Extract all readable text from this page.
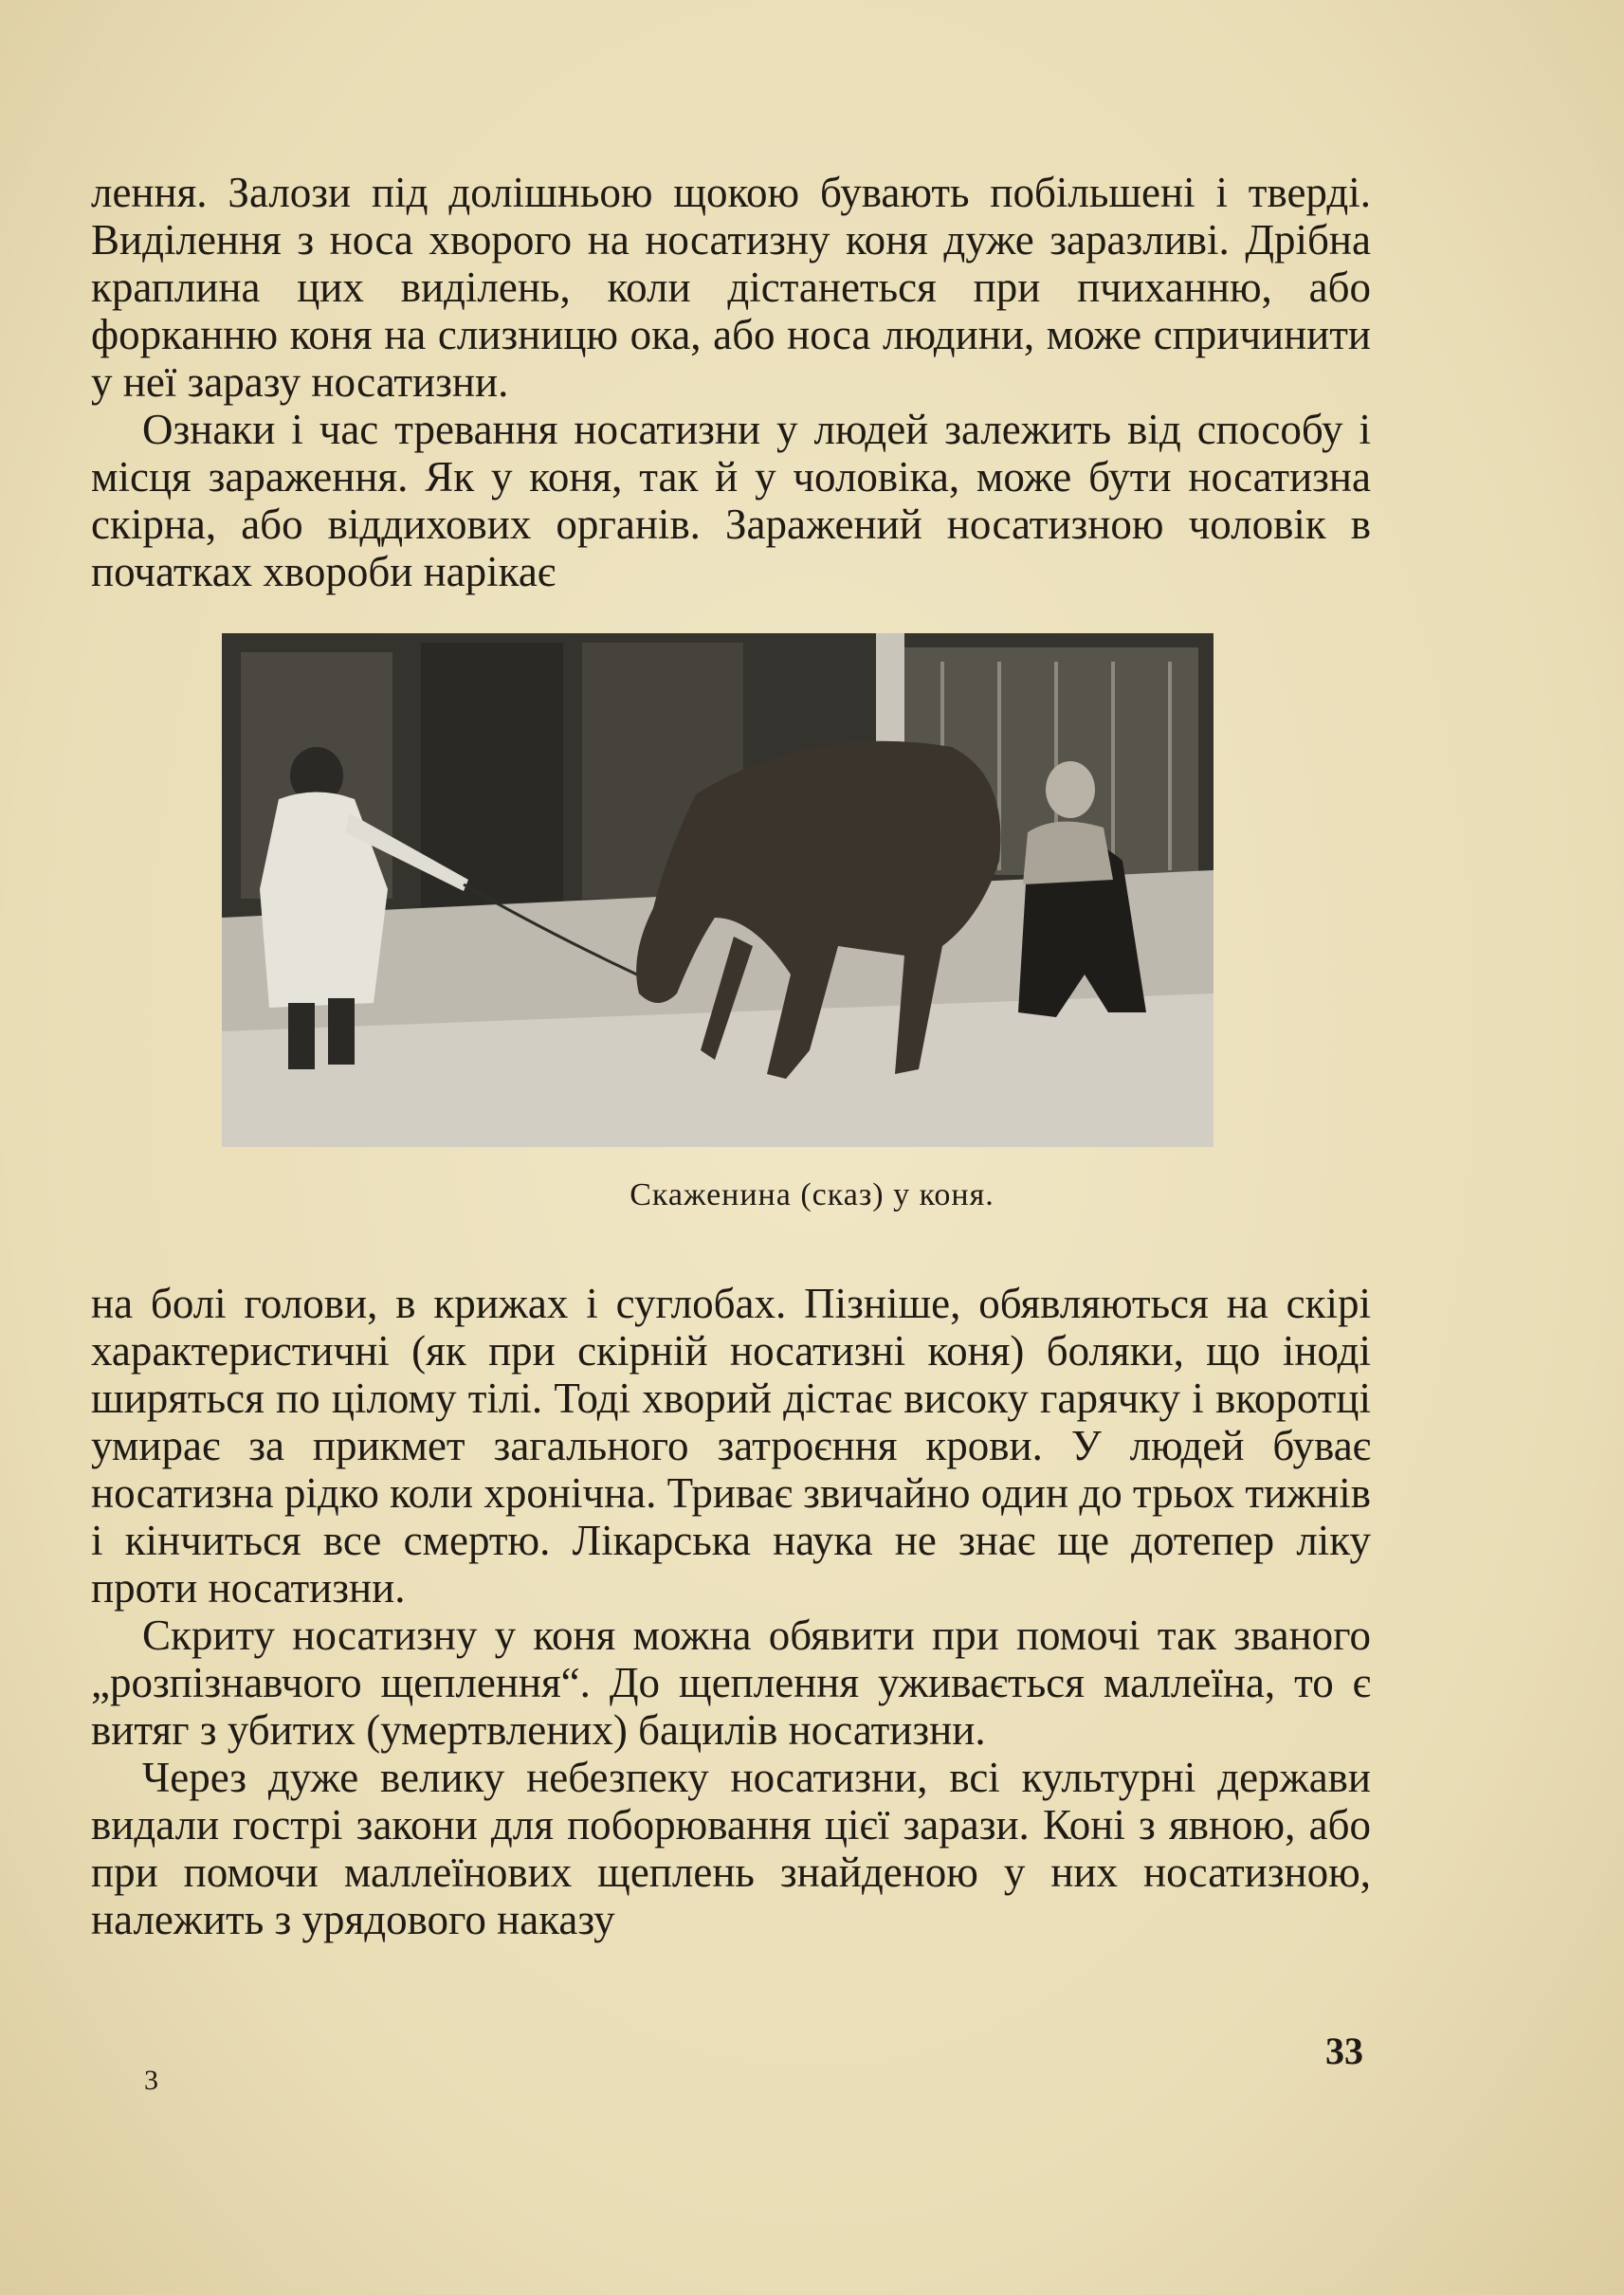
лення. Залози під долішньою щокою бувають побільшені і тверді. Виділення з носа хворого на носатизну коня дуже заразливі. Дрібна краплина цих виділень, коли дістанеться при пчиханню, або форканню коня на слизницю ока, або носа людини, може спричинити у неї заразу носатизни.

Ознаки і час тревання носатизни у людей залежить від способу і місця зараження. Як у коня, так й у чоловіка, може бути носатизна скірна, або віддихових органів. Заражений носатизною чоловік в початках хвороби нарікає

Скаженина (сказ) у коня.

на болі голови, в крижах і суглобах. Пізніше, обявляються на скірі характеристичні (як при скірній носатизні коня) боляки, що іноді ширяться по цілому тілі. Тоді хворий дістає високу гарячку і вкоротці умирає за прикмет загального затроєння крови. У людей буває носатизна рідко коли хронічна. Триває звичайно один до трьох тижнів і кінчиться все смертю. Лікарська наука не знає ще дотепер ліку проти носатизни.

Скриту носатизну у коня можна обявити при помочі так званого „розпізнавчого щеплення“. До щеплення уживається маллеїна, то є витяг з убитих (умертвлених) бацилів носатизни.

Через дуже велику небезпеку носатизни, всі культурні держави видали гострі закони для поборювання цієї зарази. Коні з явною, або при помочи маллеїнових щеплень знайденою у них носатизною, належить з урядового наказу

33
3
